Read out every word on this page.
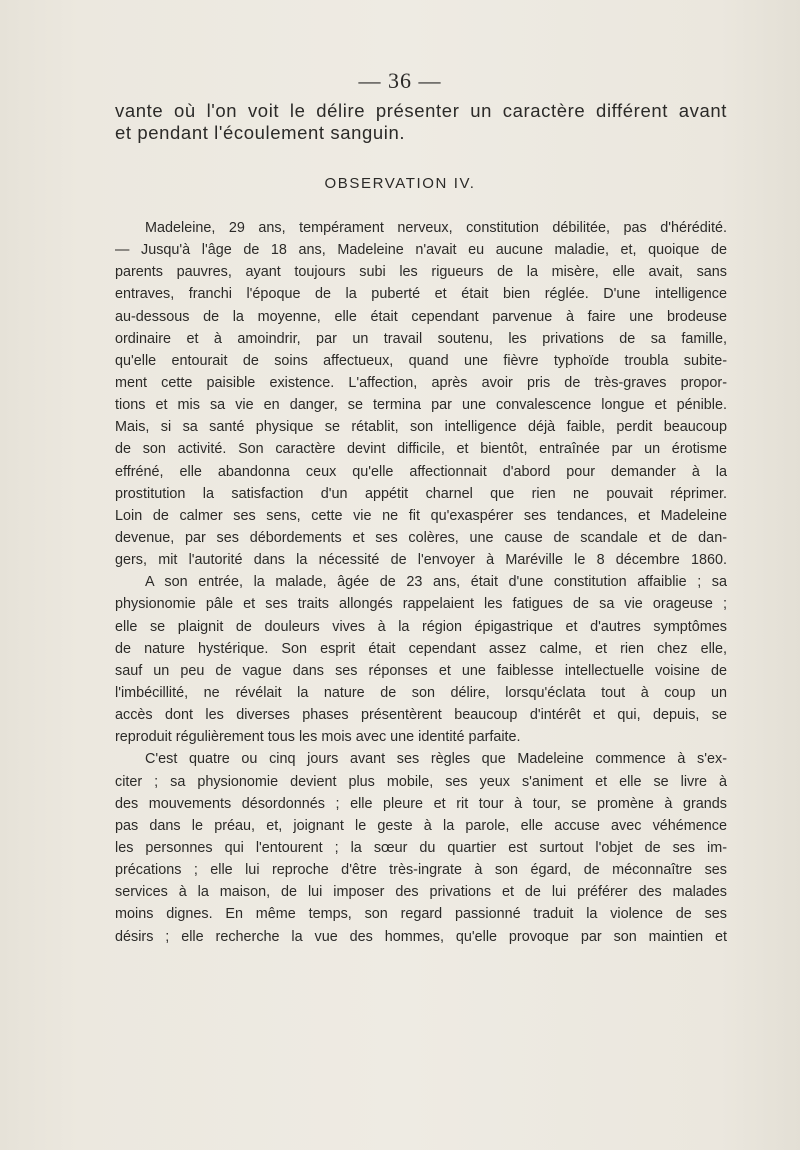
— 36 —
vante où l'on voit le délire présenter un caractère différent avant
et pendant l'écoulement sanguin.
OBSERVATION IV.
Madeleine, 29 ans, tempérament nerveux, constitution débilitée, pas d'hérédité.
— Jusqu'à l'âge de 18 ans, Madeleine n'avait eu aucune maladie, et, quoique de
parents pauvres, ayant toujours subi les rigueurs de la misère, elle avait, sans
entraves, franchi l'époque de la puberté et était bien réglée. D'une intelligence
au-dessous de la moyenne, elle était cependant parvenue à faire une brodeuse
ordinaire et à amoindrir, par un travail soutenu, les privations de sa famille,
qu'elle entourait de soins affectueux, quand une fièvre typhoïde troubla subite-
ment cette paisible existence. L'affection, après avoir pris de très-graves propor-
tions et mis sa vie en danger, se termina par une convalescence longue et pénible.
Mais, si sa santé physique se rétablit, son intelligence déjà faible, perdit beaucoup
de son activité. Son caractère devint difficile, et bientôt, entraînée par un érotisme
effréné, elle abandonna ceux qu'elle affectionnait d'abord pour demander à la
prostitution la satisfaction d'un appétit charnel que rien ne pouvait réprimer.
Loin de calmer ses sens, cette vie ne fit qu'exaspérer ses tendances, et Madeleine
devenue, par ses débordements et ses colères, une cause de scandale et de dan-
gers, mit l'autorité dans la nécessité de l'envoyer à Maréville le 8 décembre 1860.
A son entrée, la malade, âgée de 23 ans, était d'une constitution affaiblie ; sa
physionomie pâle et ses traits allongés rappelaient les fatigues de sa vie orageuse ;
elle se plaignit de douleurs vives à la région épigastrique et d'autres symptômes
de nature hystérique. Son esprit était cependant assez calme, et rien chez elle,
sauf un peu de vague dans ses réponses et une faiblesse intellectuelle voisine de
l'imbécillité, ne révélait la nature de son délire, lorsqu'éclata tout à coup un
accès dont les diverses phases présentèrent beaucoup d'intérêt et qui, depuis, se
reproduit régulièrement tous les mois avec une identité parfaite.
C'est quatre ou cinq jours avant ses règles que Madeleine commence à s'ex-
citer ; sa physionomie devient plus mobile, ses yeux s'animent et elle se livre à
des mouvements désordonnés ; elle pleure et rit tour à tour, se promène à grands
pas dans le préau, et, joignant le geste à la parole, elle accuse avec véhémence
les personnes qui l'entourent ; la sœur du quartier est surtout l'objet de ses im-
précations ; elle lui reproche d'être très-ingrate à son égard, de méconnaître ses
services à la maison, de lui imposer des privations et de lui préférer des malades
moins dignes. En même temps, son regard passionné traduit la violence de ses
désirs ; elle recherche la vue des hommes, qu'elle provoque par son maintien et
